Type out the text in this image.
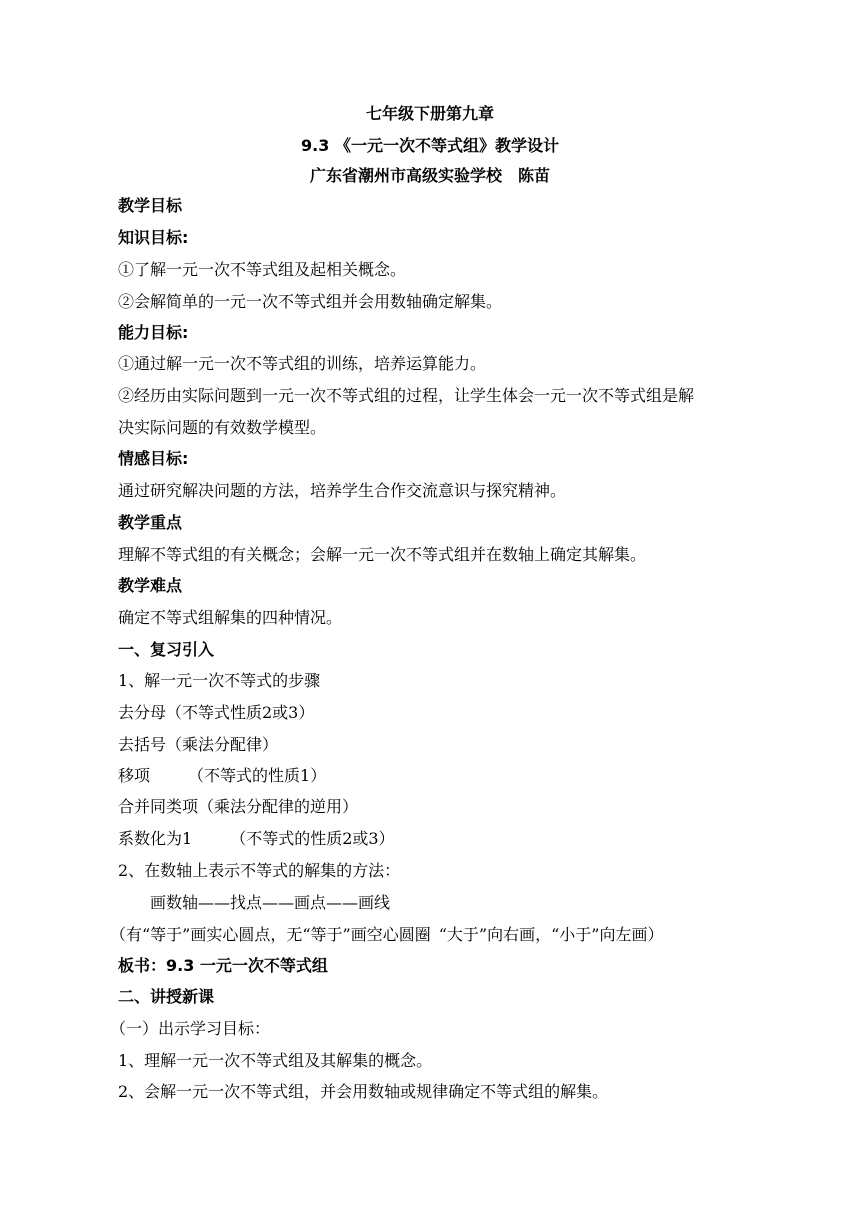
七年级下册第九章
9.3 《一元一次不等式组》教学设计
广东省潮州市高级实验学校 陈苗
教学目标
知识目标:
①了解一元一次不等式组及起相关概念。
②会解简单的一元一次不等式组并会用数轴确定解集。
能力目标:
①通过解一元一次不等式组的训练，培养运算能力。
②经历由实际问题到一元一次不等式组的过程，让学生体会一元一次不等式组是解
决实际问题的有效数学模型。
情感目标:
通过研究解决问题的方法，培养学生合作交流意识与探究精神。
教学重点
理解不等式组的有关概念；会解一元一次不等式组并在数轴上确定其解集。
教学难点
确定不等式组解集的四种情况。
一、复习引入
1、解一元一次不等式的步骤
去分母（不等式性质2或3）
去括号（乘法分配律）
移项 （不等式的性质1）
合并同类项（乘法分配律的逆用）
系数化为1 （不等式的性质2或3）
2、在数轴上表示不等式的解集的方法：
画数轴——找点——画点——画线
（有“等于”画实心圆点，无“等于”画空心圆圈 “大于”向右画，“小于”向左画）
板书：9.3 一元一次不等式组
二、讲授新课
（一）出示学习目标：
1、理解一元一次不等式组及其解集的概念。
2、会解一元一次不等式组，并会用数轴或规律确定不等式组的解集。
